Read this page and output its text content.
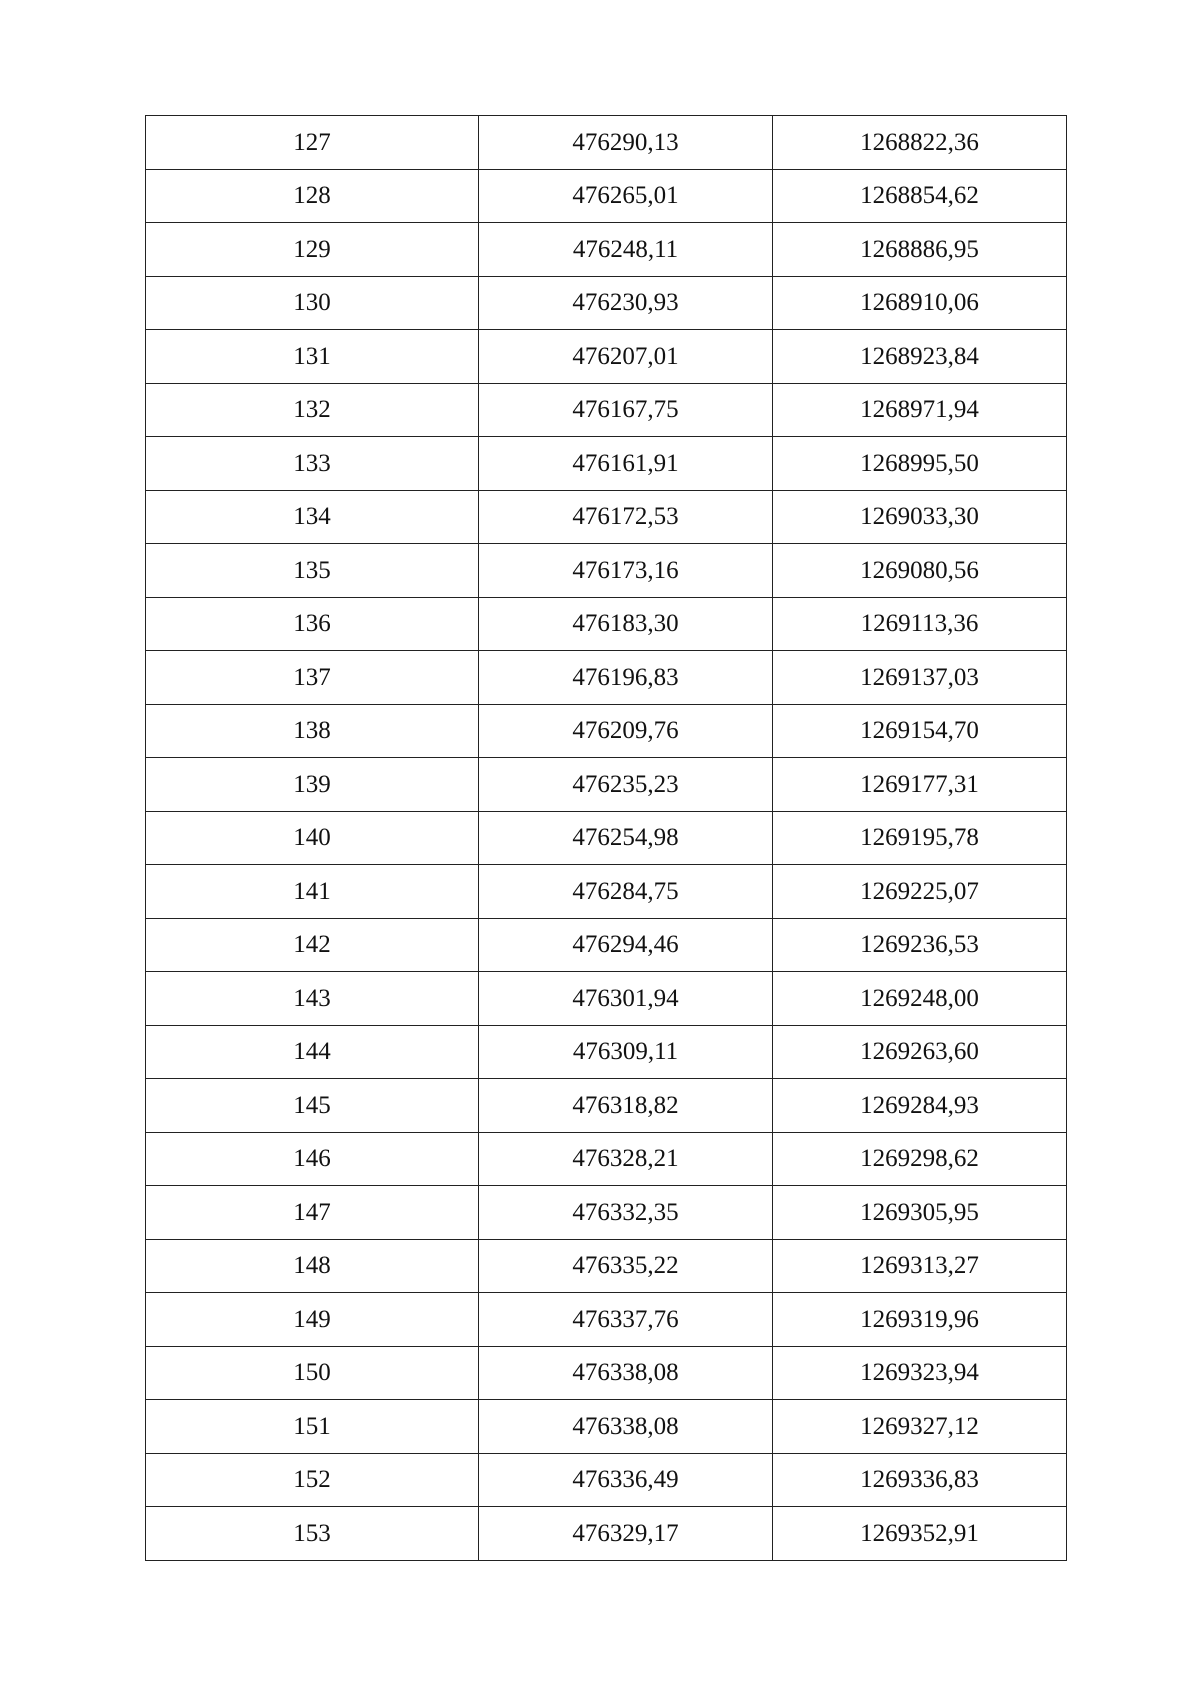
127	476290,13	1268822,36
128	476265,01	1268854,62
129	476248,11	1268886,95
130	476230,93	1268910,06
131	476207,01	1268923,84
132	476167,75	1268971,94
133	476161,91	1268995,50
134	476172,53	1269033,30
135	476173,16	1269080,56
136	476183,30	1269113,36
137	476196,83	1269137,03
138	476209,76	1269154,70
139	476235,23	1269177,31
140	476254,98	1269195,78
141	476284,75	1269225,07
142	476294,46	1269236,53
143	476301,94	1269248,00
144	476309,11	1269263,60
145	476318,82	1269284,93
146	476328,21	1269298,62
147	476332,35	1269305,95
148	476335,22	1269313,27
149	476337,76	1269319,96
150	476338,08	1269323,94
151	476338,08	1269327,12
152	476336,49	1269336,83
153	476329,17	1269352,91
